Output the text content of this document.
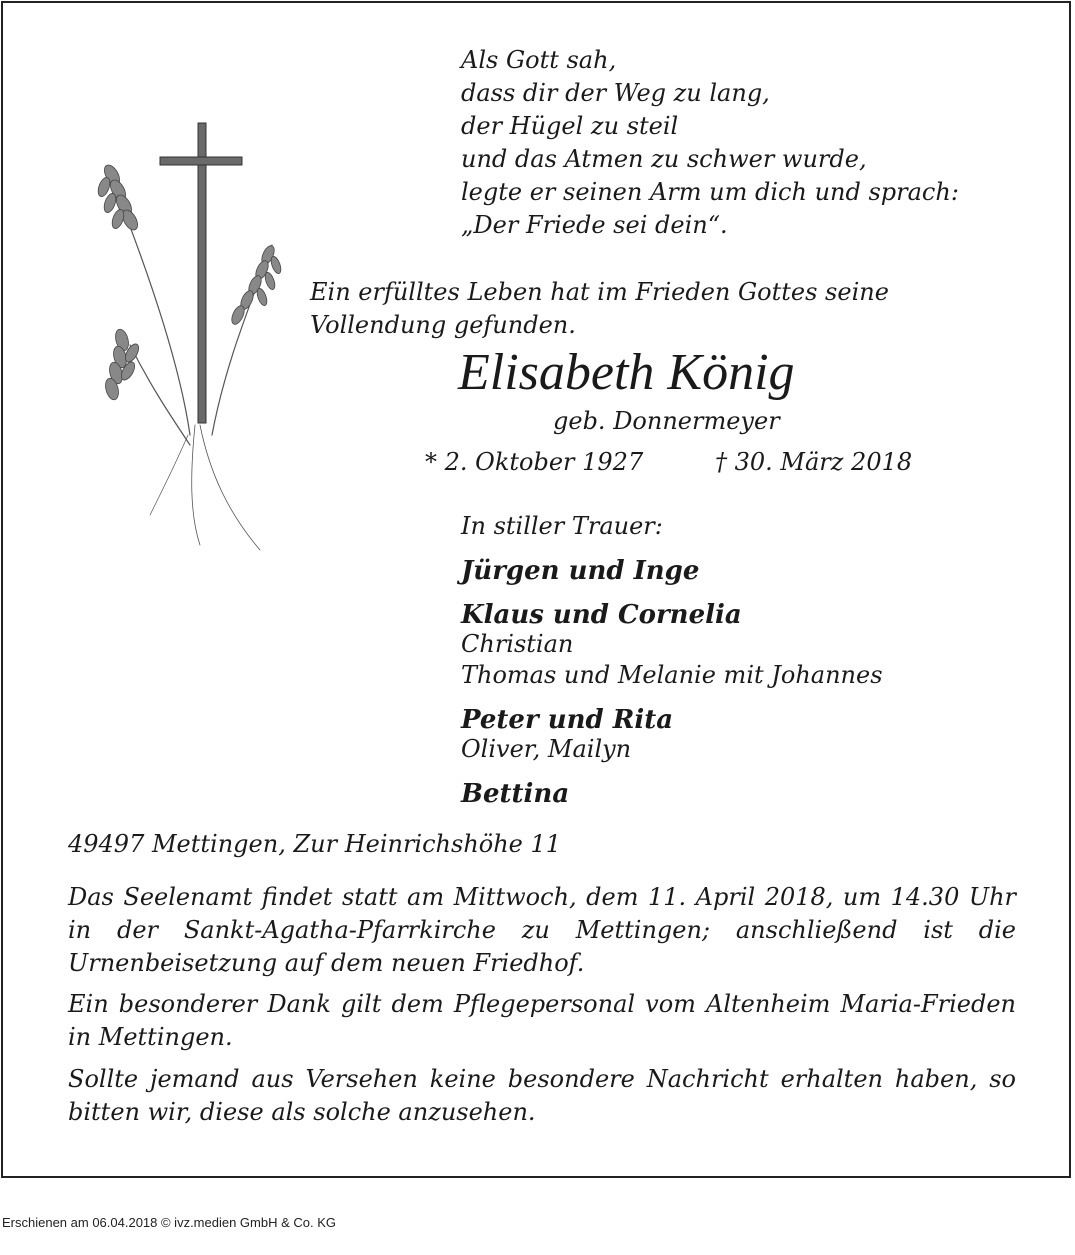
Als Gott sah,
dass dir der Weg zu lang,
der Hügel zu steil
und das Atmen zu schwer wurde,
legte er seinen Arm um dich und sprach:
„Der Friede sei dein“.
Ein erfülltes Leben hat im Frieden Gottes seine Vollendung gefunden.
Elisabeth König
geb. Donnermeyer
* 2. Oktober 1927	† 30. März 2018
In stiller Trauer:
Jürgen und Inge
Klaus und Cornelia
Christian
Thomas und Melanie mit Johannes
Peter und Rita
Oliver, Mailyn
Bettina
49497 Mettingen, Zur Heinrichshöhe 11
Das Seelenamt findet statt am Mittwoch, dem 11. April 2018, um 14.30 Uhr in der Sankt-Agatha-Pfarrkirche zu Mettingen; anschließend ist die Urnenbeisetzung auf dem neuen Friedhof.
Ein besonderer Dank gilt dem Pflegepersonal vom Altenheim Maria-Frieden in Mettingen.
Sollte jemand aus Versehen keine besondere Nachricht erhalten haben, so bitten wir, diese als solche anzusehen.
Erschienen am 06.04.2018 © ivz.medien GmbH & Co. KG
